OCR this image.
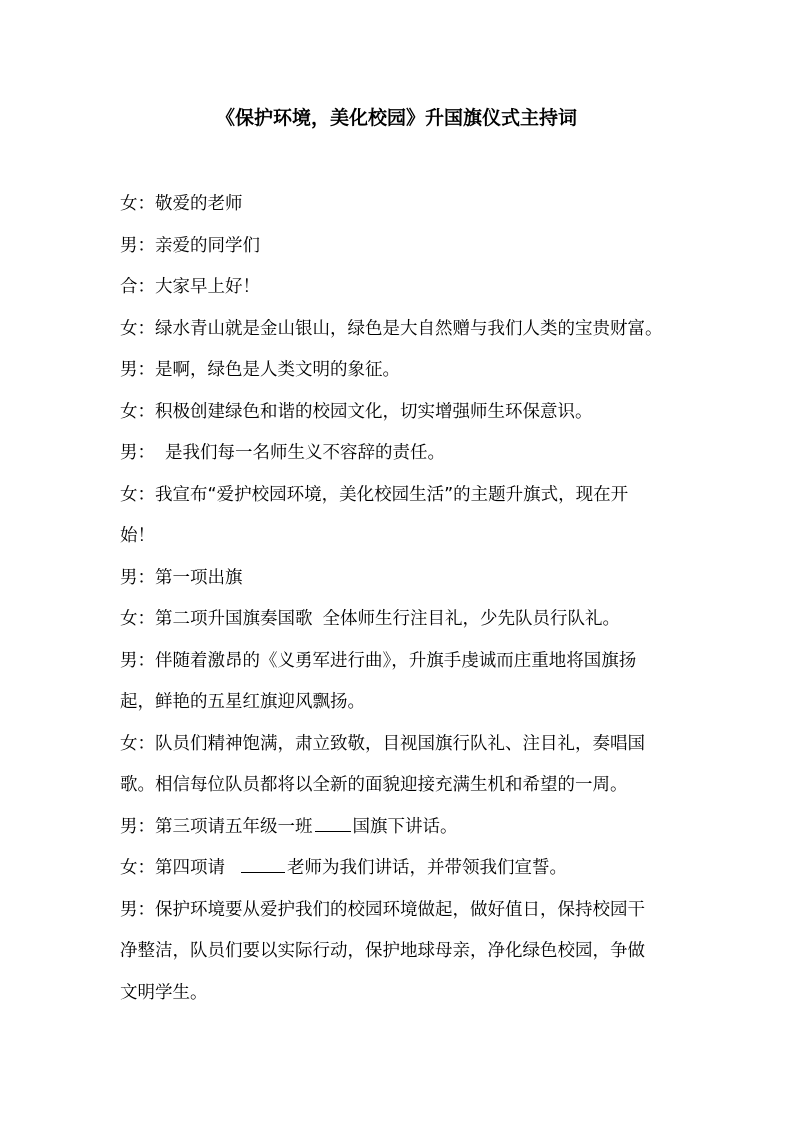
《保护环境，美化校园》升国旗仪式主持词
女：敬爱的老师
男：亲爱的同学们
合：大家早上好！
女：绿水青山就是金山银山，绿色是大自然赠与我们人类的宝贵财富。
男：是啊，绿色是人类文明的象征。
女：积极创建绿色和谐的校园文化，切实增强师生环保意识。
男： 是我们每一名师生义不容辞的责任。
女：我宣布“爱护校园环境，美化校园生活”的主题升旗式，现在开
始！
男：第一项出旗
女：第二项升国旗奏国歌 全体师生行注目礼，少先队员行队礼。
男：伴随着激昂的《义勇军进行曲》，升旗手虔诚而庄重地将国旗扬
起，鲜艳的五星红旗迎风飘扬。
女：队员们精神饱满，肃立致敬，目视国旗行队礼、注目礼，奏唱国
歌。相信每位队员都将以全新的面貌迎接充满生机和希望的一周。
男：第三项请五年级一班 国旗下讲话。
女：第四项请	老师为我们讲话，并带领我们宣誓。
男：保护环境要从爱护我们的校园环境做起，做好值日，保持校园干
净整洁，队员们要以实际行动，保护地球母亲，净化绿色校园，争做
文明学生。
